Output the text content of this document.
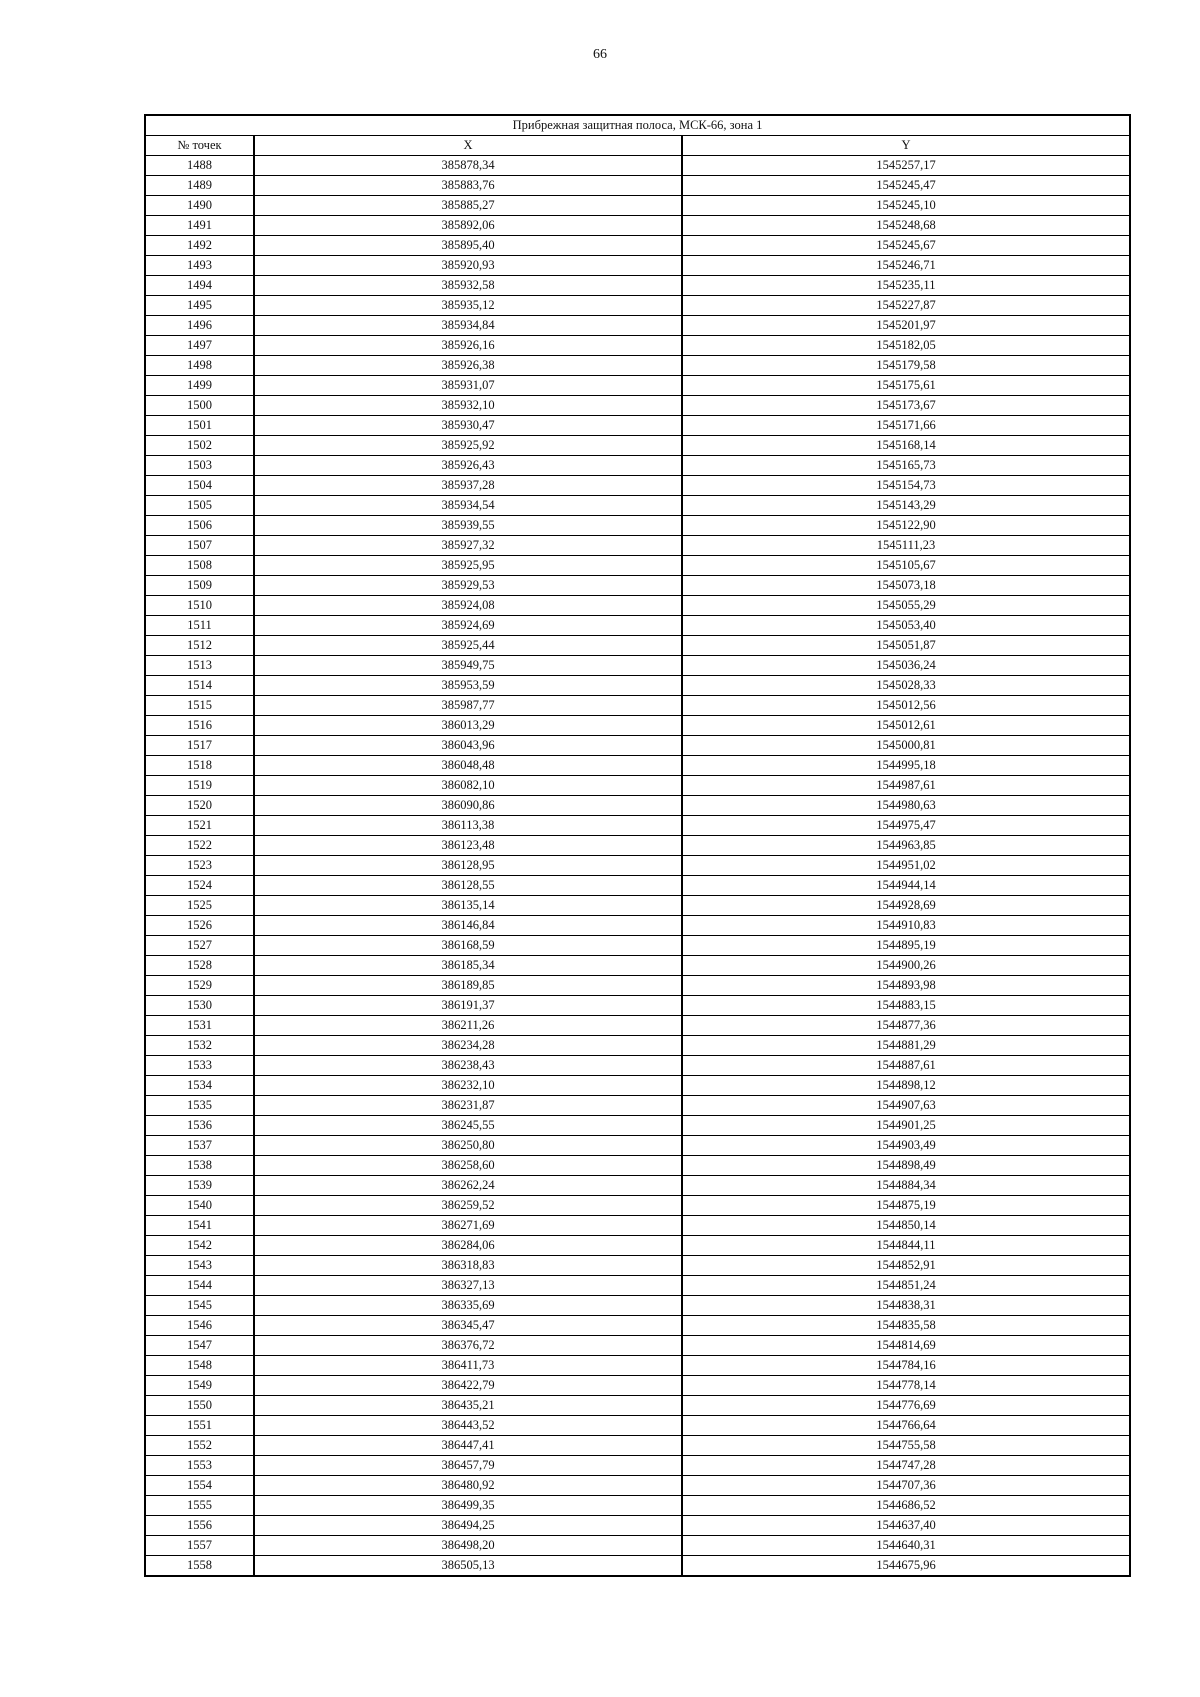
66
Прибрежная защитная полоса, МСК-66, зона 1		
№ точек	X	Y
1488	385878,34	1545257,17
1489	385883,76	1545245,47
1490	385885,27	1545245,10
1491	385892,06	1545248,68
1492	385895,40	1545245,67
1493	385920,93	1545246,71
1494	385932,58	1545235,11
1495	385935,12	1545227,87
1496	385934,84	1545201,97
1497	385926,16	1545182,05
1498	385926,38	1545179,58
1499	385931,07	1545175,61
1500	385932,10	1545173,67
1501	385930,47	1545171,66
1502	385925,92	1545168,14
1503	385926,43	1545165,73
1504	385937,28	1545154,73
1505	385934,54	1545143,29
1506	385939,55	1545122,90
1507	385927,32	1545111,23
1508	385925,95	1545105,67
1509	385929,53	1545073,18
1510	385924,08	1545055,29
1511	385924,69	1545053,40
1512	385925,44	1545051,87
1513	385949,75	1545036,24
1514	385953,59	1545028,33
1515	385987,77	1545012,56
1516	386013,29	1545012,61
1517	386043,96	1545000,81
1518	386048,48	1544995,18
1519	386082,10	1544987,61
1520	386090,86	1544980,63
1521	386113,38	1544975,47
1522	386123,48	1544963,85
1523	386128,95	1544951,02
1524	386128,55	1544944,14
1525	386135,14	1544928,69
1526	386146,84	1544910,83
1527	386168,59	1544895,19
1528	386185,34	1544900,26
1529	386189,85	1544893,98
1530	386191,37	1544883,15
1531	386211,26	1544877,36
1532	386234,28	1544881,29
1533	386238,43	1544887,61
1534	386232,10	1544898,12
1535	386231,87	1544907,63
1536	386245,55	1544901,25
1537	386250,80	1544903,49
1538	386258,60	1544898,49
1539	386262,24	1544884,34
1540	386259,52	1544875,19
1541	386271,69	1544850,14
1542	386284,06	1544844,11
1543	386318,83	1544852,91
1544	386327,13	1544851,24
1545	386335,69	1544838,31
1546	386345,47	1544835,58
1547	386376,72	1544814,69
1548	386411,73	1544784,16
1549	386422,79	1544778,14
1550	386435,21	1544776,69
1551	386443,52	1544766,64
1552	386447,41	1544755,58
1553	386457,79	1544747,28
1554	386480,92	1544707,36
1555	386499,35	1544686,52
1556	386494,25	1544637,40
1557	386498,20	1544640,31
1558	386505,13	1544675,96
